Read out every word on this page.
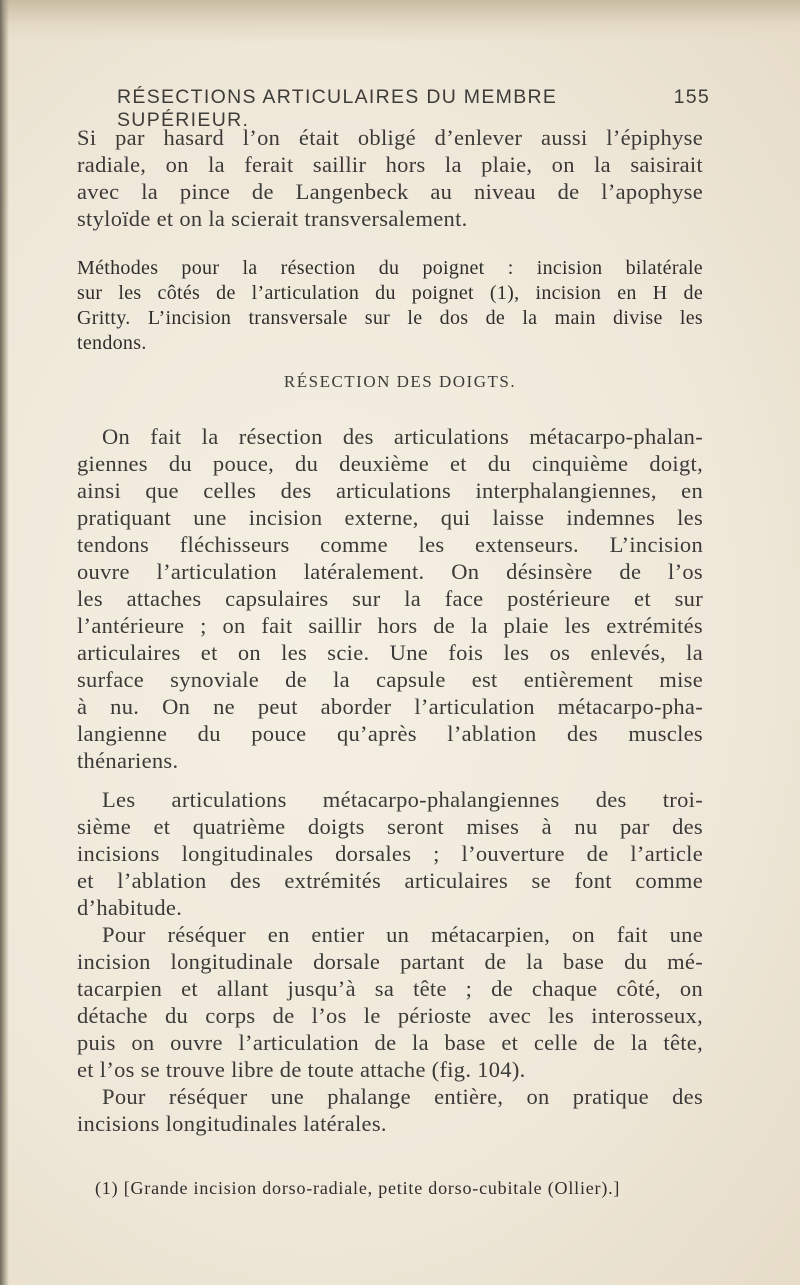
RÉSECTIONS ARTICULAIRES DU MEMBRE SUPÉRIEUR.
155
Si par hasard l’on était obligé d’enlever aussi l’épiphyse
radiale, on la ferait saillir hors la plaie, on la saisirait
avec la pince de Langenbeck au niveau de l’apophyse
styloïde et on la scierait transversalement.
Méthodes pour la résection du poignet : incision bilatérale
sur les côtés de l’articulation du poignet (1), incision en H de
Gritty. L’incision transversale sur le dos de la main divise les
tendons.
RÉSECTION DES DOIGTS.
On fait la résection des articulations métacarpo-phalan-
giennes du pouce, du deuxième et du cinquième doigt,
ainsi que celles des articulations interphalangiennes, en
pratiquant une incision externe, qui laisse indemnes les
tendons fléchisseurs comme les extenseurs. L’incision
ouvre l’articulation latéralement. On désinsère de l’os
les attaches capsulaires sur la face postérieure et sur
l’antérieure ; on fait saillir hors de la plaie les extrémités
articulaires et on les scie. Une fois les os enlevés, la
surface synoviale de la capsule est entièrement mise
à nu. On ne peut aborder l’articulation métacarpo-pha-
langienne du pouce qu’après l’ablation des muscles
thénariens.
Les articulations métacarpo-phalangiennes des troi-
sième et quatrième doigts seront mises à nu par des
incisions longitudinales dorsales ; l’ouverture de l’article
et l’ablation des extrémités articulaires se font comme
d’habitude.
Pour réséquer en entier un métacarpien, on fait une
incision longitudinale dorsale partant de la base du mé-
tacarpien et allant jusqu’à sa tête ; de chaque côté, on
détache du corps de l’os le périoste avec les interosseux,
puis on ouvre l’articulation de la base et celle de la tête,
et l’os se trouve libre de toute attache (fig. 104).
Pour réséquer une phalange entière, on pratique des
incisions longitudinales latérales.
(1) [Grande incision dorso-radiale, petite dorso-cubitale (Ollier).]
